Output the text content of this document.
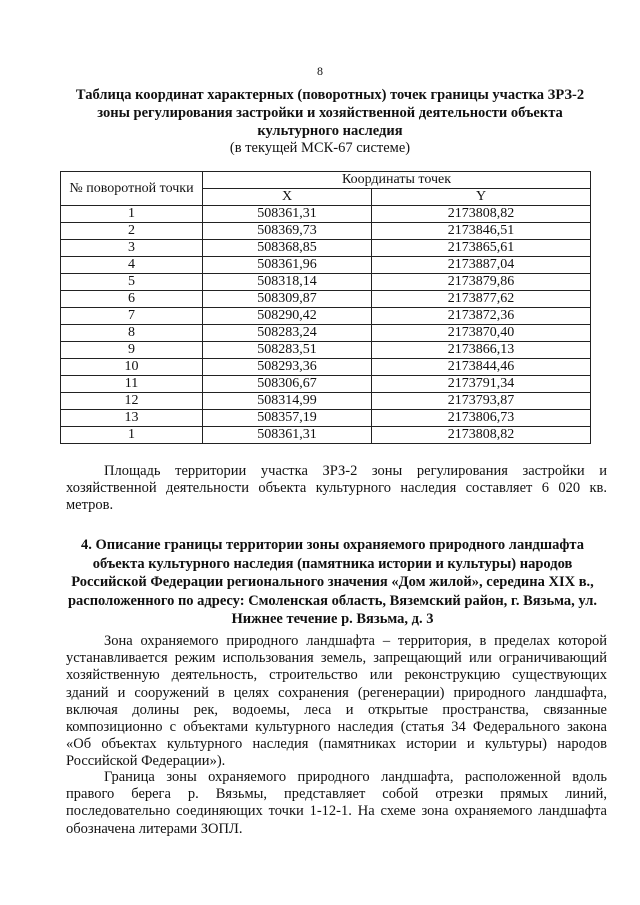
8
Таблица координат характерных (поворотных) точек границы участка ЗРЗ-2 зоны регулирования застройки и хозяйственной деятельности объекта культурного наследия
(в текущей МСК-67 системе)
№ поворотной точки	Координаты точек	
	X	Y
1	508361,31	2173808,82
2	508369,73	2173846,51
3	508368,85	2173865,61
4	508361,96	2173887,04
5	508318,14	2173879,86
6	508309,87	2173877,62
7	508290,42	2173872,36
8	508283,24	2173870,40
9	508283,51	2173866,13
10	508293,36	2173844,46
11	508306,67	2173791,34
12	508314,99	2173793,87
13	508357,19	2173806,73
1	508361,31	2173808,82
Площадь территории участка ЗРЗ-2 зоны регулирования застройки и хозяйственной деятельности объекта культурного наследия составляет 6 020 кв. метров.
4. Описание границы территории зоны охраняемого природного ландшафта объекта культурного наследия (памятника истории и культуры) народов Российской Федерации регионального значения «Дом жилой», середина XIX в., расположенного по адресу: Смоленская область, Вяземский район, г. Вязьма, ул. Нижнее течение р. Вязьма, д. 3
Зона охраняемого природного ландшафта – территория, в пределах которой устанавливается режим использования земель, запрещающий или ограничивающий хозяйственную деятельность, строительство или реконструкцию существующих зданий и сооружений в целях сохранения (регенерации) природного ландшафта, включая долины рек, водоемы, леса и открытые пространства, связанные композиционно с объектами культурного наследия (статья 34 Федерального закона «Об объектах культурного наследия (памятниках истории и культуры) народов Российской Федерации»).
Граница зоны охраняемого природного ландшафта, расположенной вдоль правого берега р. Вязьмы, представляет собой отрезки прямых линий, последовательно соединяющих точки 1-12-1. На схеме зона охраняемого ландшафта обозначена литерами ЗОПЛ.
